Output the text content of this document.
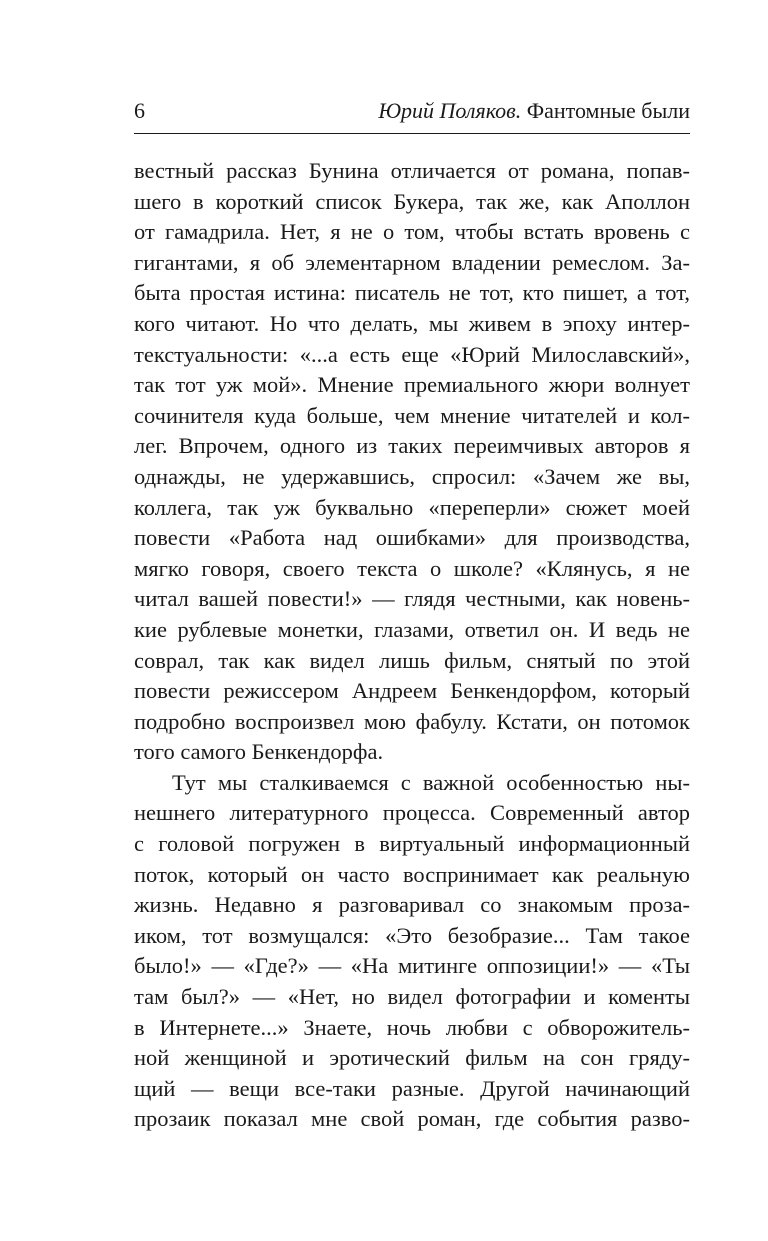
6	Юрий Поляков. Фантомные были
вестный рассказ Бунина отличается от романа, попав-
шего в короткий список Букера, так же, как Аполлон
от гамадрила. Нет, я не о том, чтобы встать вровень с
гигантами, я об элементарном владении ремеслом. За-
быта простая истина: писатель не тот, кто пишет, а тот,
кого читают. Но что делать, мы живем в эпоху интер-
текстуальности: «...а есть еще «Юрий Милославский»,
так тот уж мой». Мнение премиального жюри волнует
сочинителя куда больше, чем мнение читателей и кол-
лег. Впрочем, одного из таких переимчивых авторов я
однажды, не удержавшись, спросил: «Зачем же вы,
коллега, так уж буквально «переперли» сюжет моей
повести «Работа над ошибками» для производства,
мягко говоря, своего текста о школе? «Клянусь, я не
читал вашей повести!» — глядя честными, как новень-
кие рублевые монетки, глазами, ответил он. И ведь не
соврал, так как видел лишь фильм, снятый по этой
повести режиссером Андреем Бенкендорфом, который
подробно воспроизвел мою фабулу. Кстати, он потомок
того самого Бенкендорфа.
Тут мы сталкиваемся с важной особенностью ны-
нешнего литературного процесса. Современный автор
с головой погружен в виртуальный информационный
поток, который он часто воспринимает как реальную
жизнь. Недавно я разговаривал со знакомым проза-
иком, тот возмущался: «Это безобразие... Там такое
было!» — «Где?» — «На митинге оппозиции!» — «Ты
там был?» — «Нет, но видел фотографии и коменты
в Интернете...» Знаете, ночь любви с обворожитель-
ной женщиной и эротический фильм на сон гряду-
щий — вещи все-таки разные. Другой начинающий
прозаик показал мне свой роман, где события разво-
